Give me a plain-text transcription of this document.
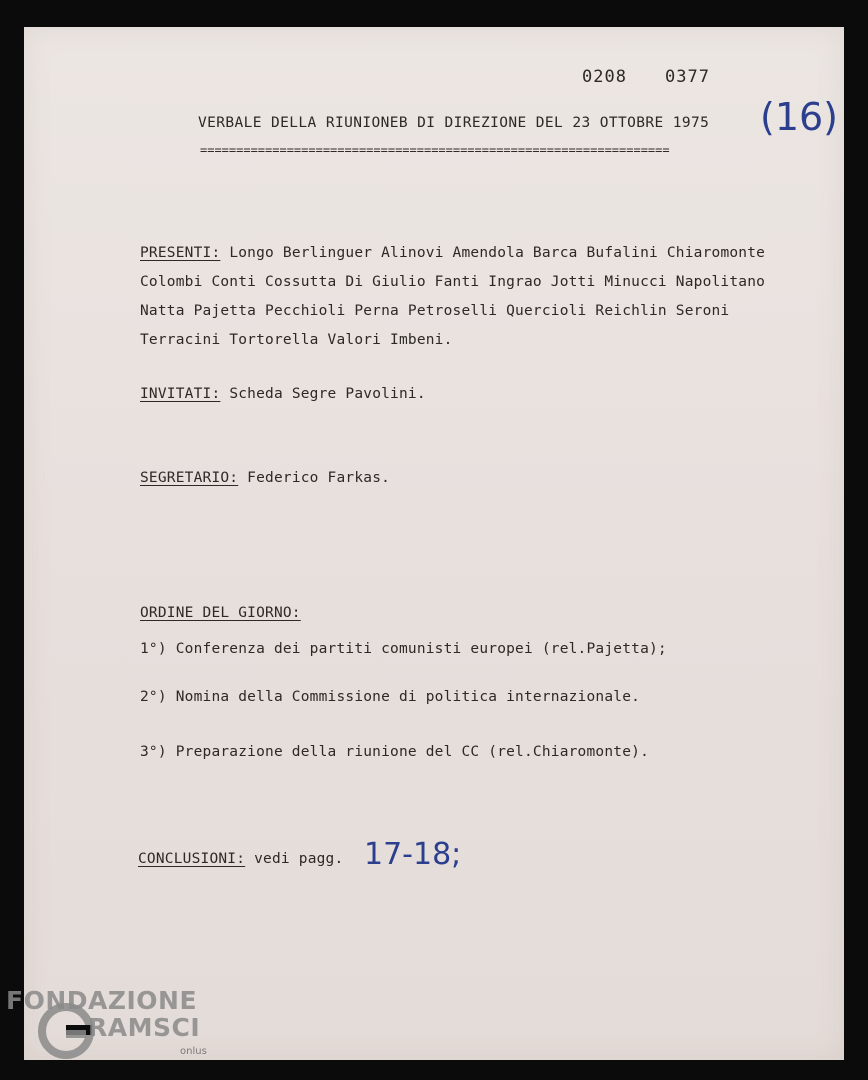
0208 0377
VERBALE DELLA RIUNIONEB DI DIREZIONE DEL 23 OTTOBRE 1975
=================================================================
(16)
PRESENTI: Longo Berlinguer Alinovi Amendola Barca Bufalini Chiaromonte
Colombi Conti Cossutta Di Giulio Fanti Ingrao Jotti Minucci Napolitano
Natta Pajetta Pecchioli Perna Petroselli Quercioli Reichlin Seroni
Terracini Tortorella Valori Imbeni.
INVITATI: Scheda Segre Pavolini.
SEGRETARIO: Federico Farkas.
ORDINE DEL GIORNO:
1°) Conferenza dei partiti comunisti europei (rel.Pajetta);
2°) Nomina della Commissione di politica internazionale.
3°) Preparazione della riunione del CC (rel.Chiaromonte).
CONCLUSIONI: vedi pagg. 17-18;
FONDAZIONE
RAMSCI
onlus
